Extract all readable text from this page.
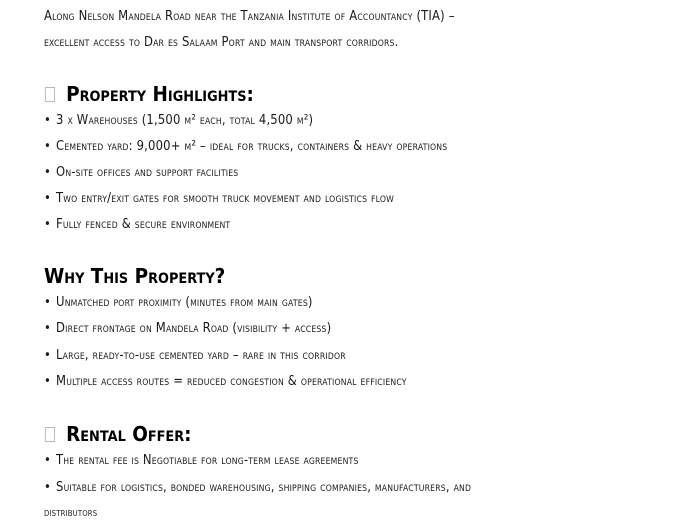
Along Nelson Mandela Road near the Tanzania Institute of Accountancy (TIA) –
excellent access to Dar es Salaam Port and main transport corridors.
Property Highlights:
• 3 x Warehouses (1,500 m² each, total 4,500 m²)
• Cemented yard: 9,000+ m² – ideal for trucks, containers & heavy operations
• On-site offices and support facilities
• Two entry/exit gates for smooth truck movement and logistics flow
• Fully fenced & secure environment
Why This Property?
• Unmatched port proximity (minutes from main gates)
• Direct frontage on Mandela Road (visibility + access)
• Large, ready-to-use cemented yard – rare in this corridor
• Multiple access routes = reduced congestion & operational efficiency
Rental Offer:
• The rental fee is Negotiable for long-term lease agreements
• Suitable for logistics, bonded warehousing, shipping companies, manufacturers, and
distributors
